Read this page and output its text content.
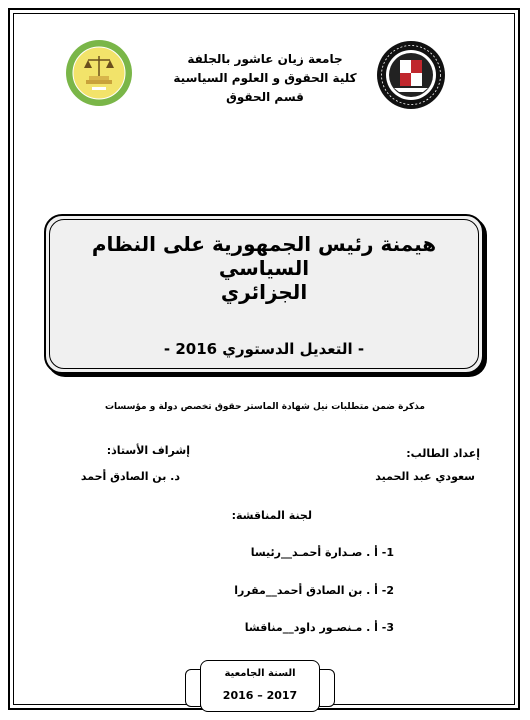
جامعة زيان عاشور بالجلفة
كلية الحقوق و العلوم السياسية
قسم الحقوق
هيمنة رئيس الجمهورية على النظام السياسي
الجزائري
- التعديل الدستوري 2016 -
مذكرة ضمن متطلبات نيل شهادة الماستر حقوق تخصص دولة و مؤسسات
إعداد الطالب:
سعودي عبد الحميد
إشراف الأستاذ:
د. بن الصادق أحمد
لجنة المناقشة:
1- أ . صـدارة أحمـد__رئيسا
2- أ . بن الصادق أحمد__مقررا
3- أ . مـنصـور داود__مناقشا
السنة الجامعية
2016 – 2017
